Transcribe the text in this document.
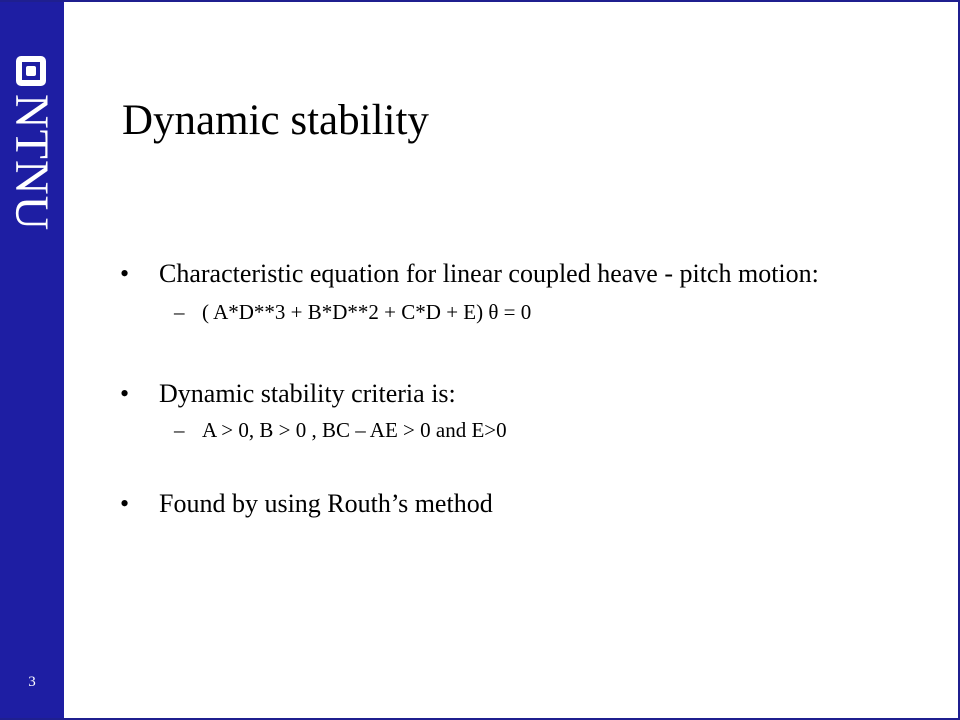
NTNU
3
Dynamic stability
• Characteristic equation for linear coupled heave - pitch motion:
– ( A*D**3 + B*D**2 + C*D + E) θ = 0
• Dynamic stability criteria is:
– A > 0, B > 0 , BC – AE > 0 and E>0
• Found by using Routh’s method
